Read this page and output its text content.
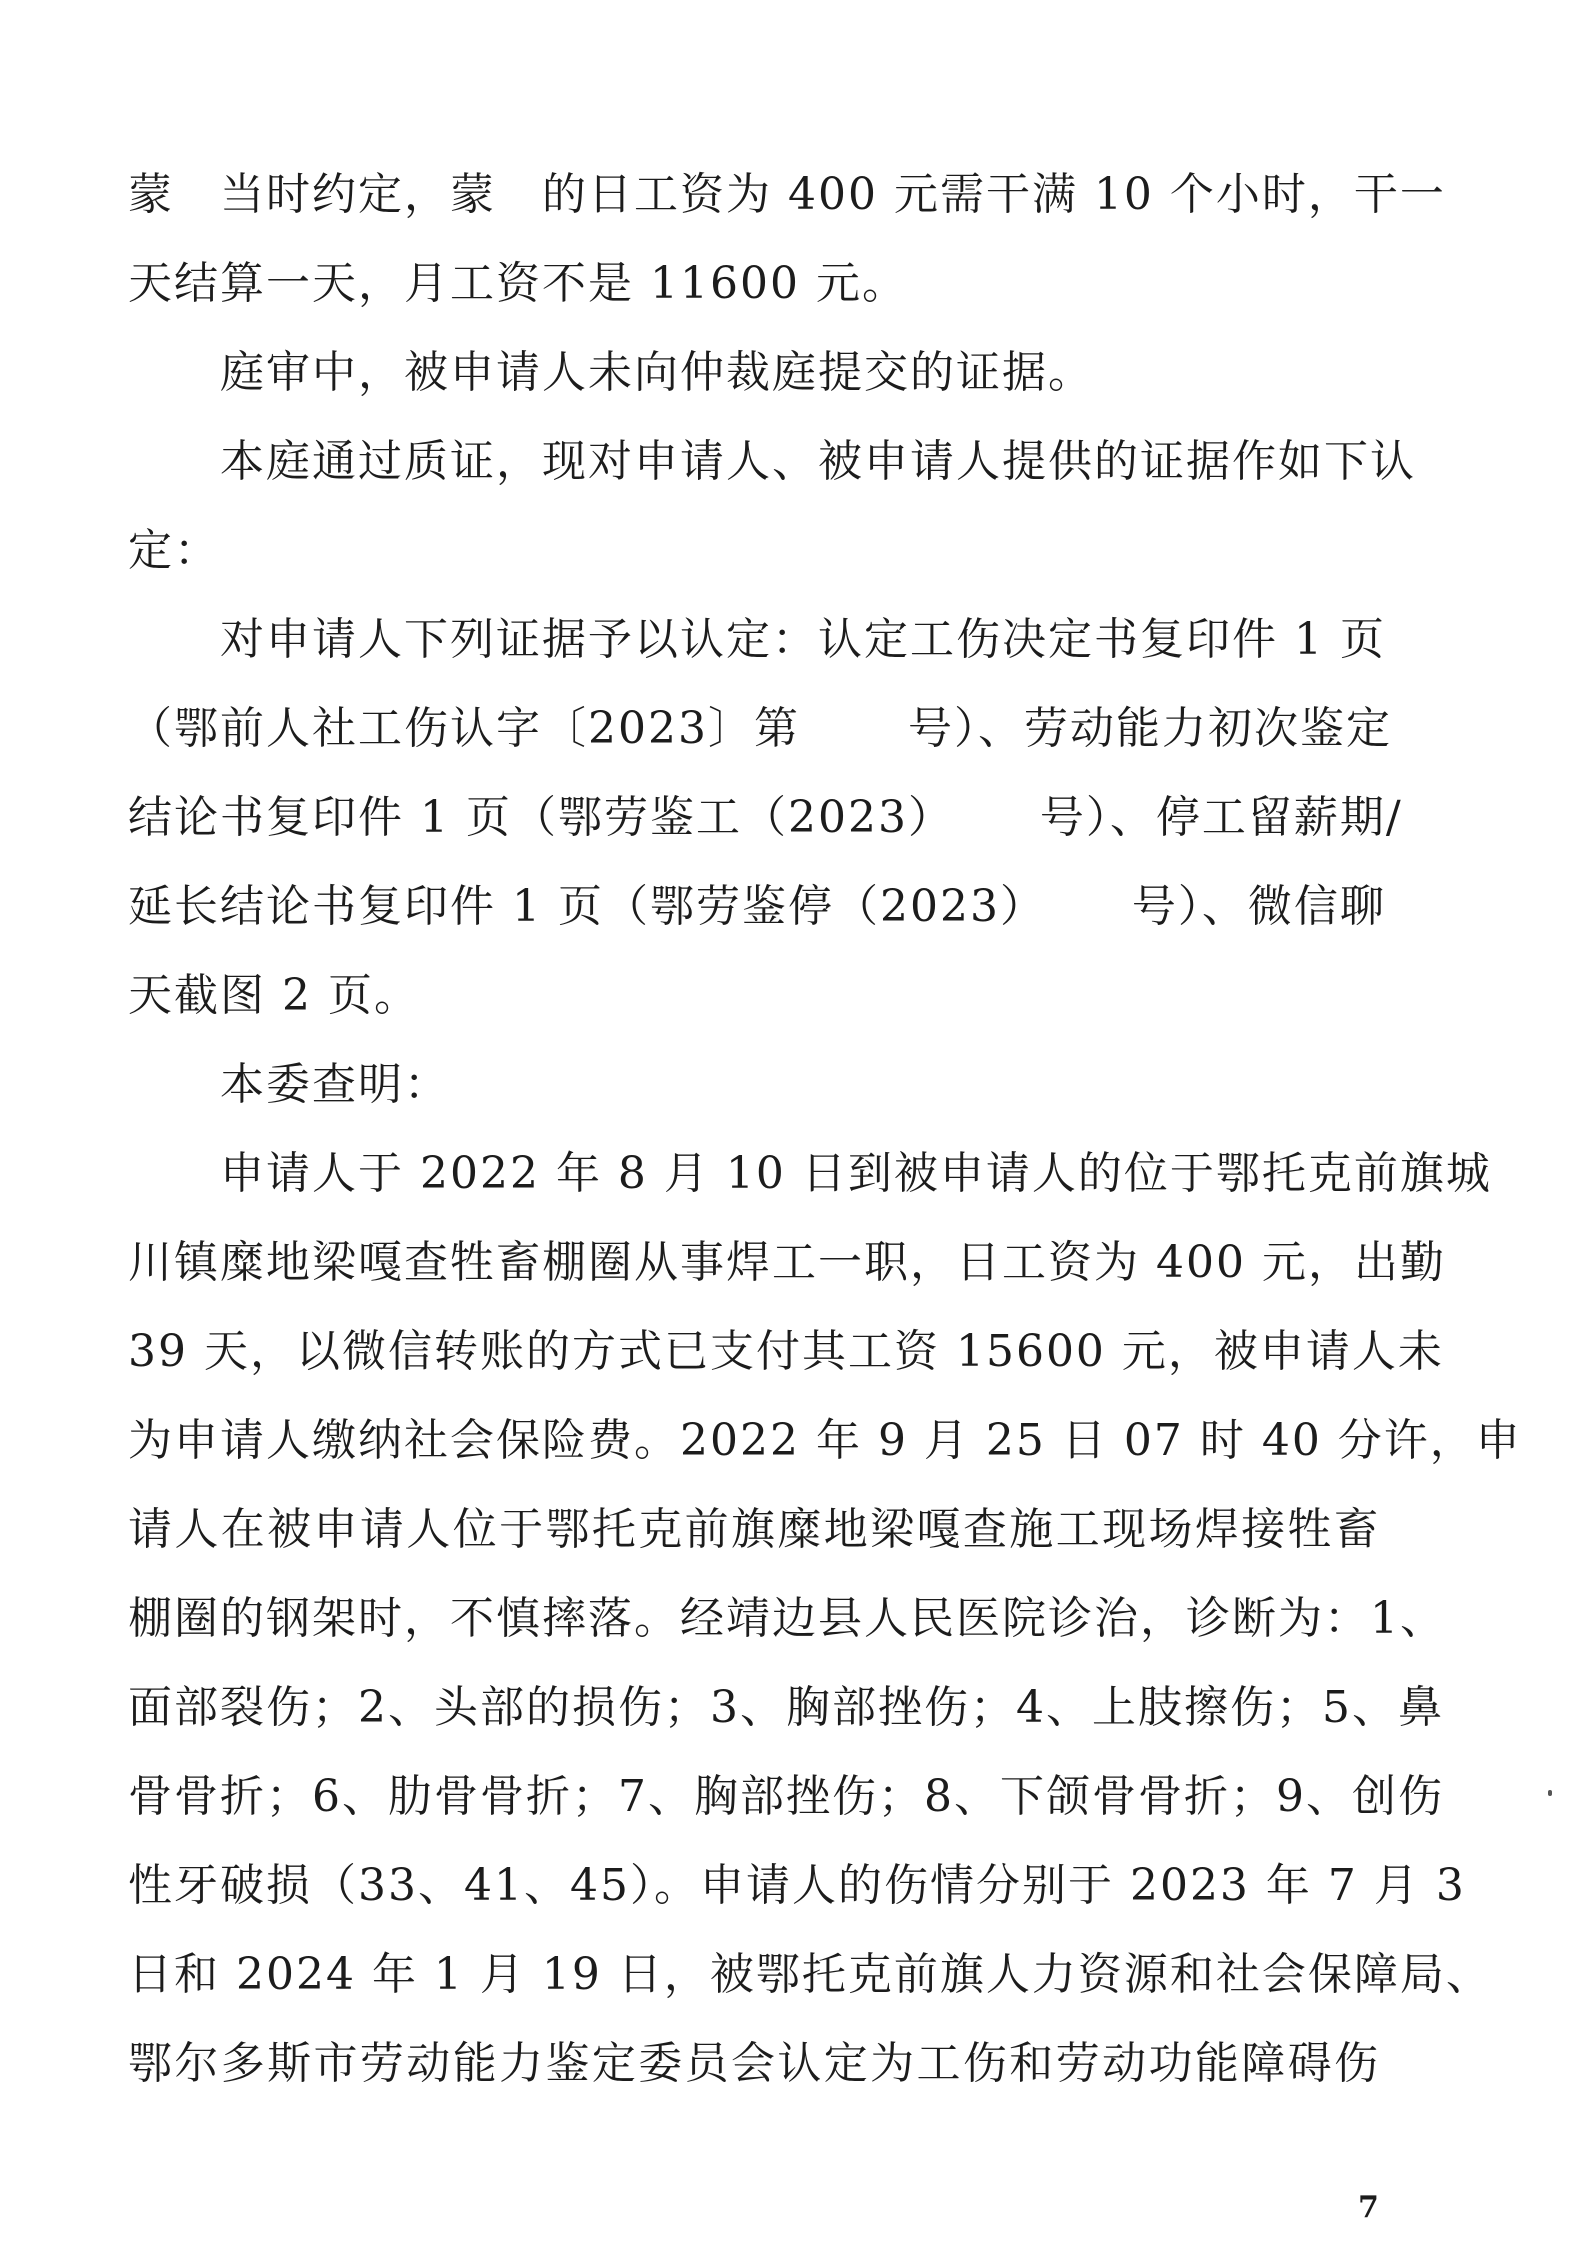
蒙　当时约定，蒙　的日工资为 400 元需干满 10 个小时，干一
天结算一天，月工资不是 11600 元。
庭审中，被申请人未向仲裁庭提交的证据。
本庭通过质证，现对申请人、被申请人提供的证据作如下认
定：
对申请人下列证据予以认定：认定工伤决定书复印件 1 页
（鄂前人社工伤认字〔2023〕第　　 号）、劳动能力初次鉴定
结论书复印件 1 页（鄂劳鉴工（2023）　　 号）、停工留薪期/
延长结论书复印件 1 页（鄂劳鉴停（2023）　　 号）、微信聊
天截图 2 页。
本委查明：
申请人于 2022 年 8 月 10 日到被申请人的位于鄂托克前旗城
川镇糜地梁嘎查牲畜棚圈从事焊工一职，日工资为 400 元，出勤
39 天，以微信转账的方式已支付其工资 15600 元，被申请人未
为申请人缴纳社会保险费。2022 年 9 月 25 日 07 时 40 分许，申
请人在被申请人位于鄂托克前旗糜地梁嘎查施工现场焊接牲畜
棚圈的钢架时，不慎摔落。经靖边县人民医院诊治，诊断为：1、
面部裂伤；2、头部的损伤；3、胸部挫伤；4、上肢擦伤；5、鼻
骨骨折；6、肋骨骨折；7、胸部挫伤；8、下颌骨骨折；9、创伤
性牙破损（33、41、45）。申请人的伤情分别于 2023 年 7 月 3
日和 2024 年 1 月 19 日，被鄂托克前旗人力资源和社会保障局、
鄂尔多斯市劳动能力鉴定委员会认定为工伤和劳动功能障碍伤
7
